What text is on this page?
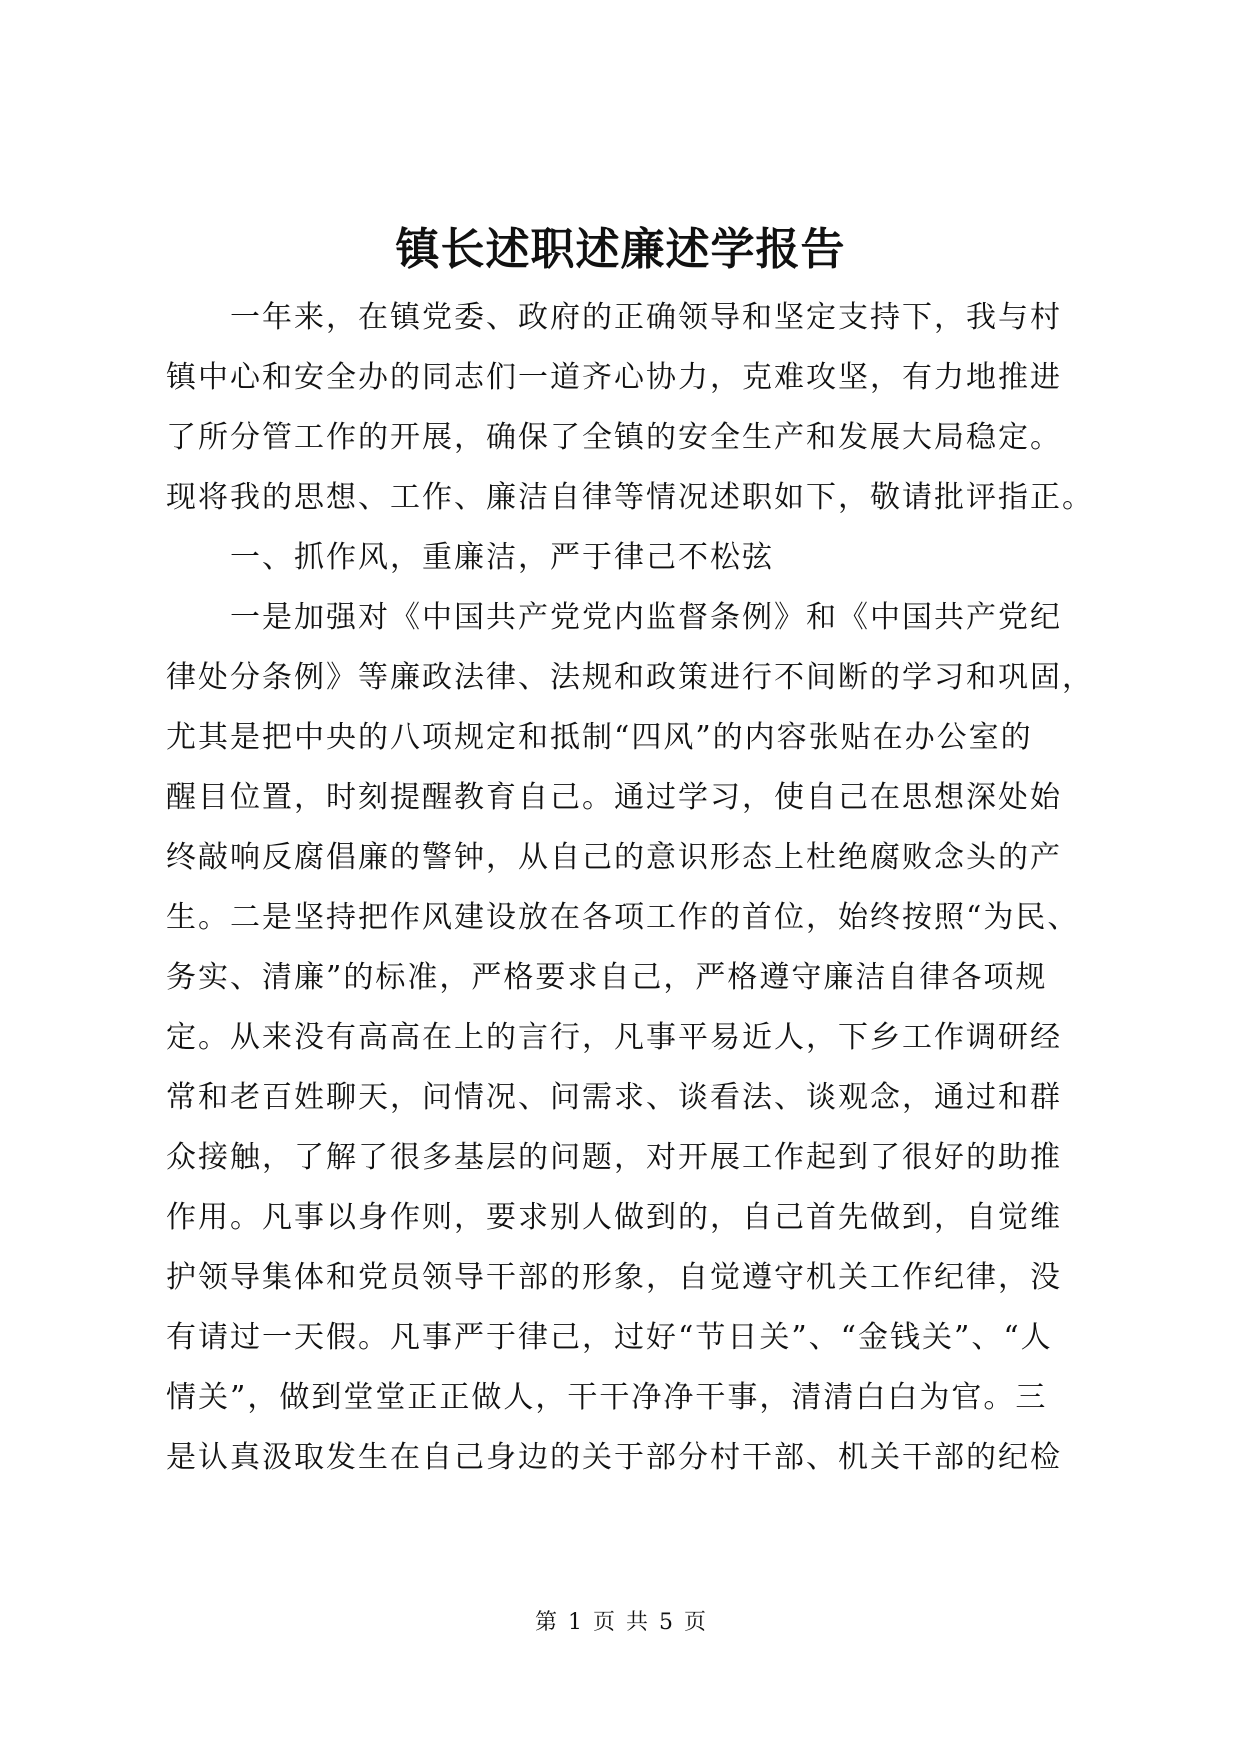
镇长述职述廉述学报告

　　一年来，在镇党委、政府的正确领导和坚定支持下，我与村

镇中心和安全办的同志们一道齐心协力，克难攻坚，有力地推进

了所分管工作的开展，确保了全镇的安全生产和发展大局稳定。

现将我的思想、工作、廉洁自律等情况述职如下，敬请批评指正。

　　一、抓作风，重廉洁，严于律己不松弦

　　一是加强对《中国共产党党内监督条例》和《中国共产党纪

律处分条例》等廉政法律、法规和政策进行不间断的学习和巩固，

尤其是把中央的八项规定和抵制“四风”的内容张贴在办公室的

醒目位置，时刻提醒教育自己。通过学习，使自己在思想深处始

终敲响反腐倡廉的警钟，从自己的意识形态上杜绝腐败念头的产

生。二是坚持把作风建设放在各项工作的首位，始终按照“为民、

务实、清廉”的标准，严格要求自己，严格遵守廉洁自律各项规

定。从来没有高高在上的言行，凡事平易近人，下乡工作调研经

常和老百姓聊天，问情况、问需求、谈看法、谈观念，通过和群

众接触，了解了很多基层的问题，对开展工作起到了很好的助推

作用。凡事以身作则，要求别人做到的，自己首先做到，自觉维

护领导集体和党员领导干部的形象，自觉遵守机关工作纪律，没

有请过一天假。凡事严于律己，过好“节日关”、“金钱关”、“人

情关”，做到堂堂正正做人，干干净净干事，清清白白为官。三

是认真汲取发生在自己身边的关于部分村干部、机关干部的纪检

第 1 页 共 5 页
